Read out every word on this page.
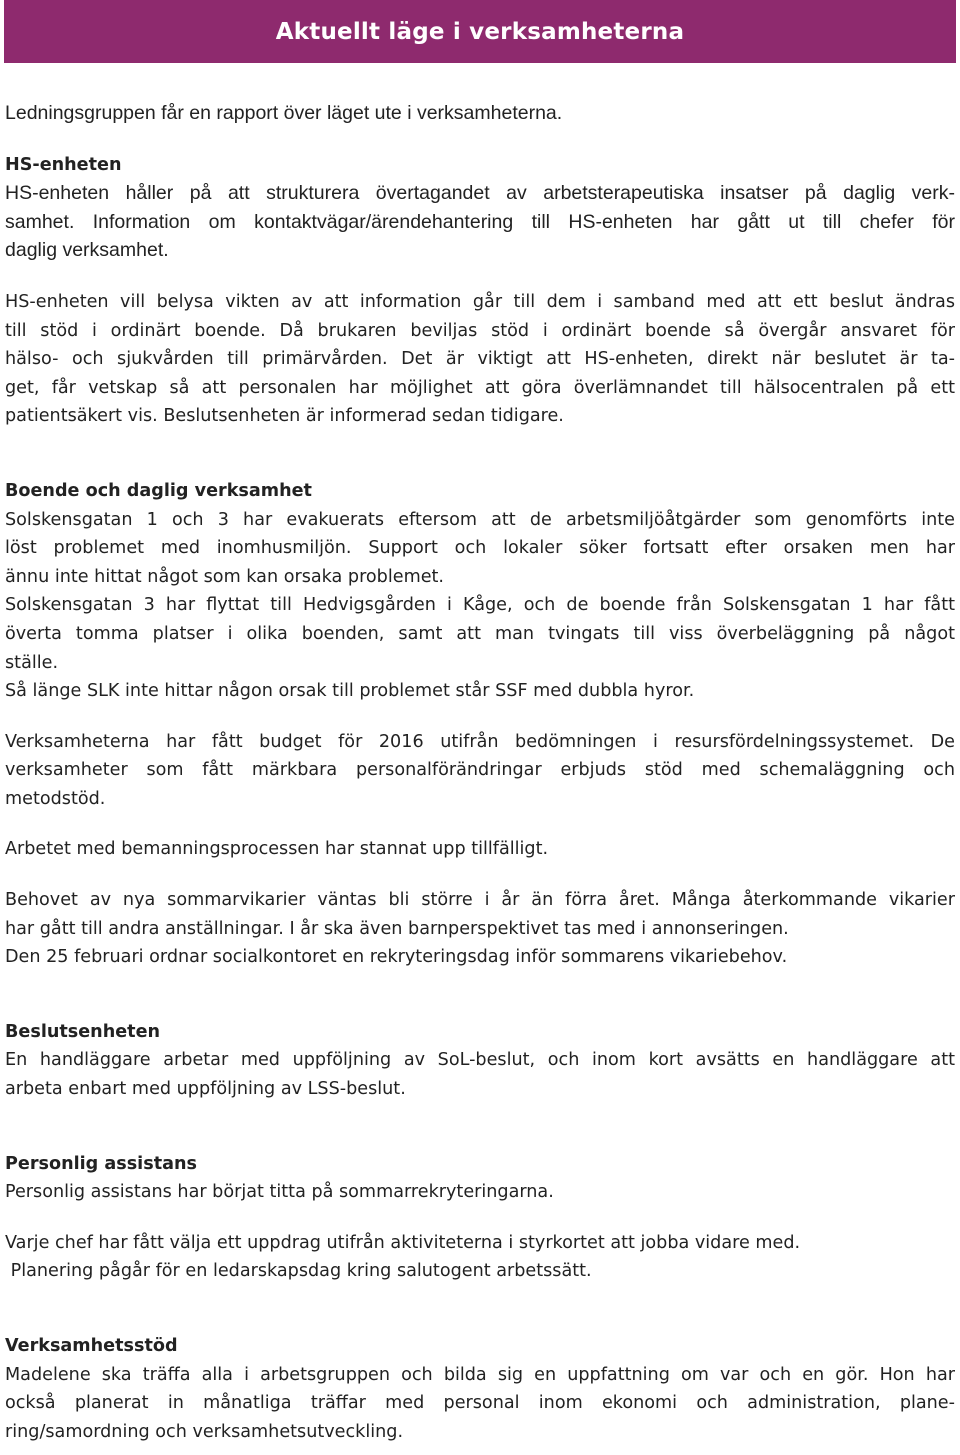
Aktuellt läge i verksamheterna

Ledningsgruppen får en rapport över läget ute i verksamheterna.

HS-enheten

HS-enheten håller på att strukturera övertagandet av arbetsterapeutiska insatser på daglig verk-
samhet. Information om kontaktvägar/ärendehantering till HS-enheten har gått ut till chefer för
daglig verksamhet.

HS-enheten vill belysa vikten av att information går till dem i samband med att ett beslut ändras
till stöd i ordinärt boende. Då brukaren beviljas stöd i ordinärt boende så övergår ansvaret för
hälso- och sjukvården till primärvården. Det är viktigt att HS-enheten, direkt när beslutet är ta-
get, får vetskap så att personalen har möjlighet att göra överlämnandet till hälsocentralen på ett
patientsäkert vis. Beslutsenheten är informerad sedan tidigare.

Boende och daglig verksamhet

Solskensgatan 1 och 3 har evakuerats eftersom att de arbetsmiljöåtgärder som genomförts inte
löst problemet med inomhusmiljön. Support och lokaler söker fortsatt efter orsaken men har
ännu inte hittat något som kan orsaka problemet.

Solskensgatan 3 har flyttat till Hedvigsgården i Kåge, och de boende från Solskensgatan 1 har fått
överta tomma platser i olika boenden, samt att man tvingats till viss överbeläggning på något
ställe.

Så länge SLK inte hittar någon orsak till problemet står SSF med dubbla hyror.

Verksamheterna har fått budget för 2016 utifrån bedömningen i resursfördelningssystemet. De
verksamheter som fått märkbara personalförändringar erbjuds stöd med schemaläggning och
metodstöd.

Arbetet med bemanningsprocessen har stannat upp tillfälligt.

Behovet av nya sommarvikarier väntas bli större i år än förra året. Många återkommande vikarier
har gått till andra anställningar. I år ska även barnperspektivet tas med i annonseringen.
Den 25 februari ordnar socialkontoret en rekryteringsdag inför sommarens vikariebehov.

Beslutsenheten

En handläggare arbetar med uppföljning av SoL-beslut, och inom kort avsätts en handläggare att
arbeta enbart med uppföljning av LSS-beslut.

Personlig assistans

Personlig assistans har börjat titta på sommarrekryteringarna.

Varje chef har fått välja ett uppdrag utifrån aktiviteterna i styrkortet att jobba vidare med.
Planering pågår för en ledarskapsdag kring salutogent arbetssätt.

Verksamhetsstöd

Madelene ska träffa alla i arbetsgruppen och bilda sig en uppfattning om var och en gör. Hon har
också planerat in månatliga träffar med personal inom ekonomi och administration, plane-
ring/samordning och verksamhetsutveckling.
